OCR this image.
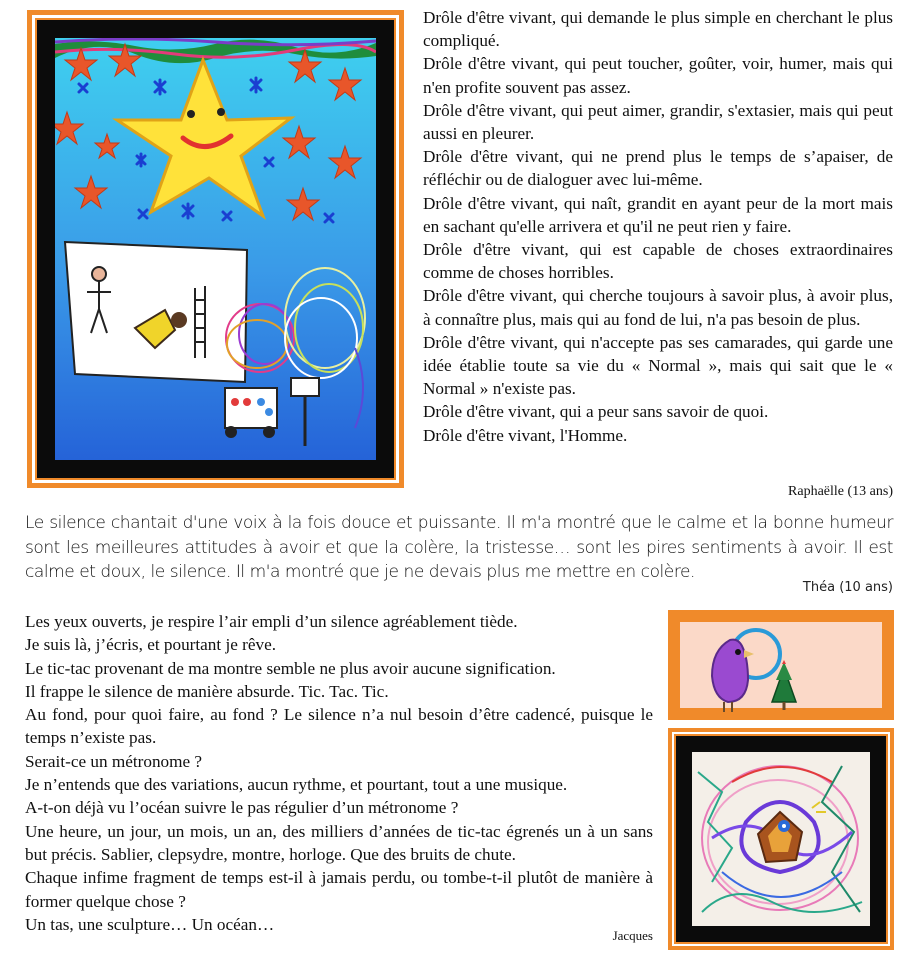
Drôle d'être vivant, qui demande le plus simple en cherchant le plus compliqué.

Drôle d'être vivant, qui peut toucher, goûter, voir, humer, mais qui n'en profite souvent pas assez.

Drôle d'être vivant, qui peut aimer, grandir, s'extasier, mais qui peut aussi en pleurer.

Drôle d'être vivant, qui ne prend plus le temps de s’apaiser, de réfléchir ou de dialoguer avec lui-même.

Drôle d'être vivant, qui naît, grandit en ayant peur de la mort mais en sachant qu'elle arrivera et qu'il ne peut rien y faire.

Drôle d'être vivant, qui est capable de choses extraordinaires comme de choses horribles.

Drôle d'être vivant, qui cherche toujours à savoir plus, à avoir plus, à connaître plus, mais qui au fond de lui, n'a pas besoin de plus.

Drôle d'être vivant, qui n'accepte pas ses camarades, qui garde une idée établie toute sa vie du « Normal », mais qui sait que le « Normal » n'existe pas.

Drôle d'être vivant, qui a peur sans savoir de quoi.

Drôle d'être vivant, l'Homme.

Raphaëlle (13 ans)
Le silence chantait d'une voix à la fois douce et puissante. Il m'a montré que le calme et la bonne humeur sont les meilleures attitudes à avoir et que la colère, la tristesse… sont les pires sentiments à avoir. Il est calme et doux, le silence. Il m'a montré que je ne devais plus me mettre en colère.
Théa (10 ans)

Les yeux ouverts, je respire l’air empli d’un silence agréablement tiède.

Je suis là, j’écris, et pourtant je rêve.

Le tic-tac provenant de ma montre semble ne plus avoir aucune signification.

Il frappe le silence de manière absurde. Tic. Tac. Tic.

Au fond, pour quoi faire, au fond ? Le silence n’a nul besoin d’être cadencé, puisque le temps n’existe pas.

Serait-ce un métronome ?

Je n’entends que des variations, aucun rythme, et pourtant, tout a une musique.

A-t-on déjà vu l’océan suivre le pas régulier d’un métronome ?

Une heure, un jour, un mois, un an, des milliers d’années de tic-tac égrenés un à un sans but précis. Sablier, clepsydre, montre, horloge. Que des bruits de chute.

Chaque infime fragment de temps est-il à jamais perdu, ou tombe-t-il plutôt de manière à former quelque chose ?

Un tas, une sculpture… Un océan…

Jacques
